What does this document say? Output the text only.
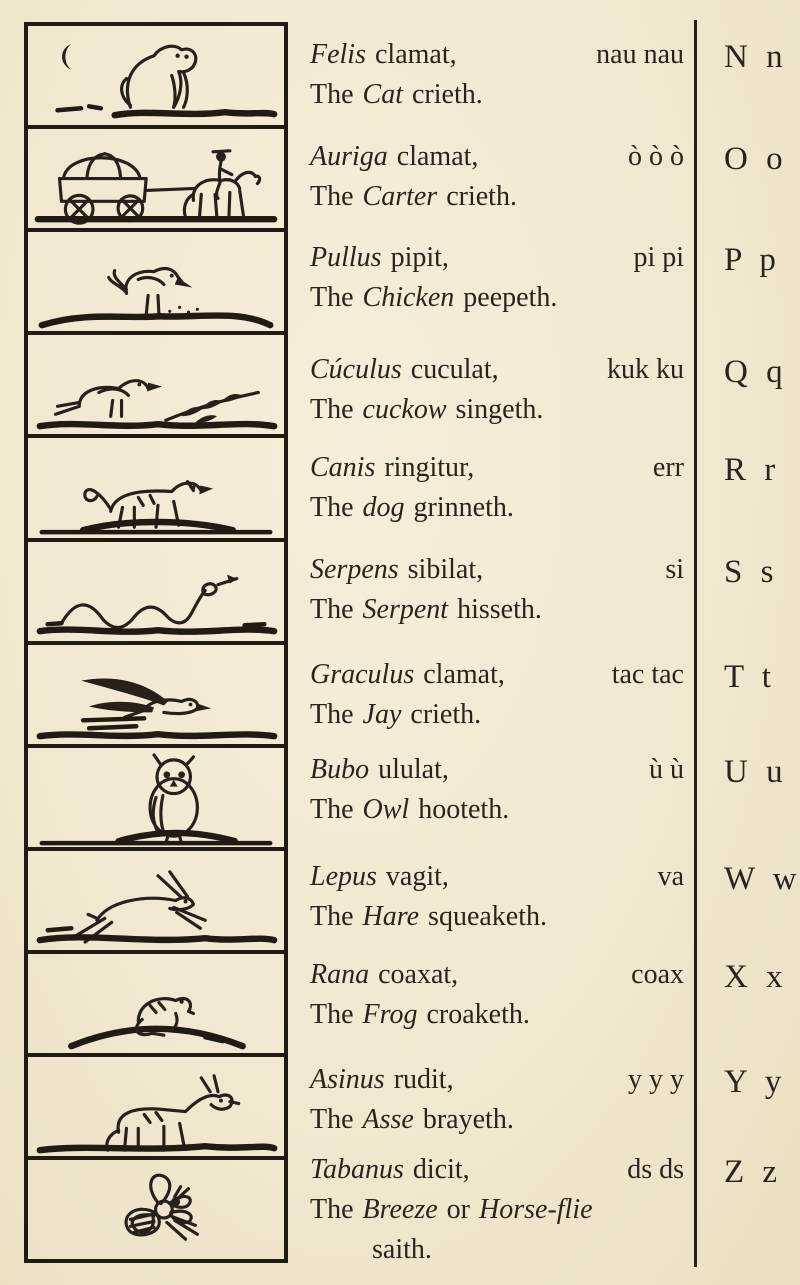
Felis clamat,	nau nau
The Cat crieth.
N n
Auriga clamat,	ò ò ò
The Carter crieth.
O o
Pullus pipit,	pi pi
The Chicken peepeth.
P p
Cúculus cuculat,	kuk ku
The cuckow singeth.
Q q
Canis ringitur,	err
The dog grinneth.
R r
Serpens sibilat,	si
The Serpent hisseth.
S s
Graculus clamat,	tac tac
The Jay crieth.
T t
Bubo ululat,	ù ù
The Owl hooteth.
U u
Lepus vagit,	va
The Hare squeaketh.
W w
Rana coaxat,	coax
The Frog croaketh.
X x
Asinus rudit,	y y y
The Asse brayeth.
Y y
Tabanus dicit,	ds ds
The Breeze or Horse-flie
saith.
Z z
